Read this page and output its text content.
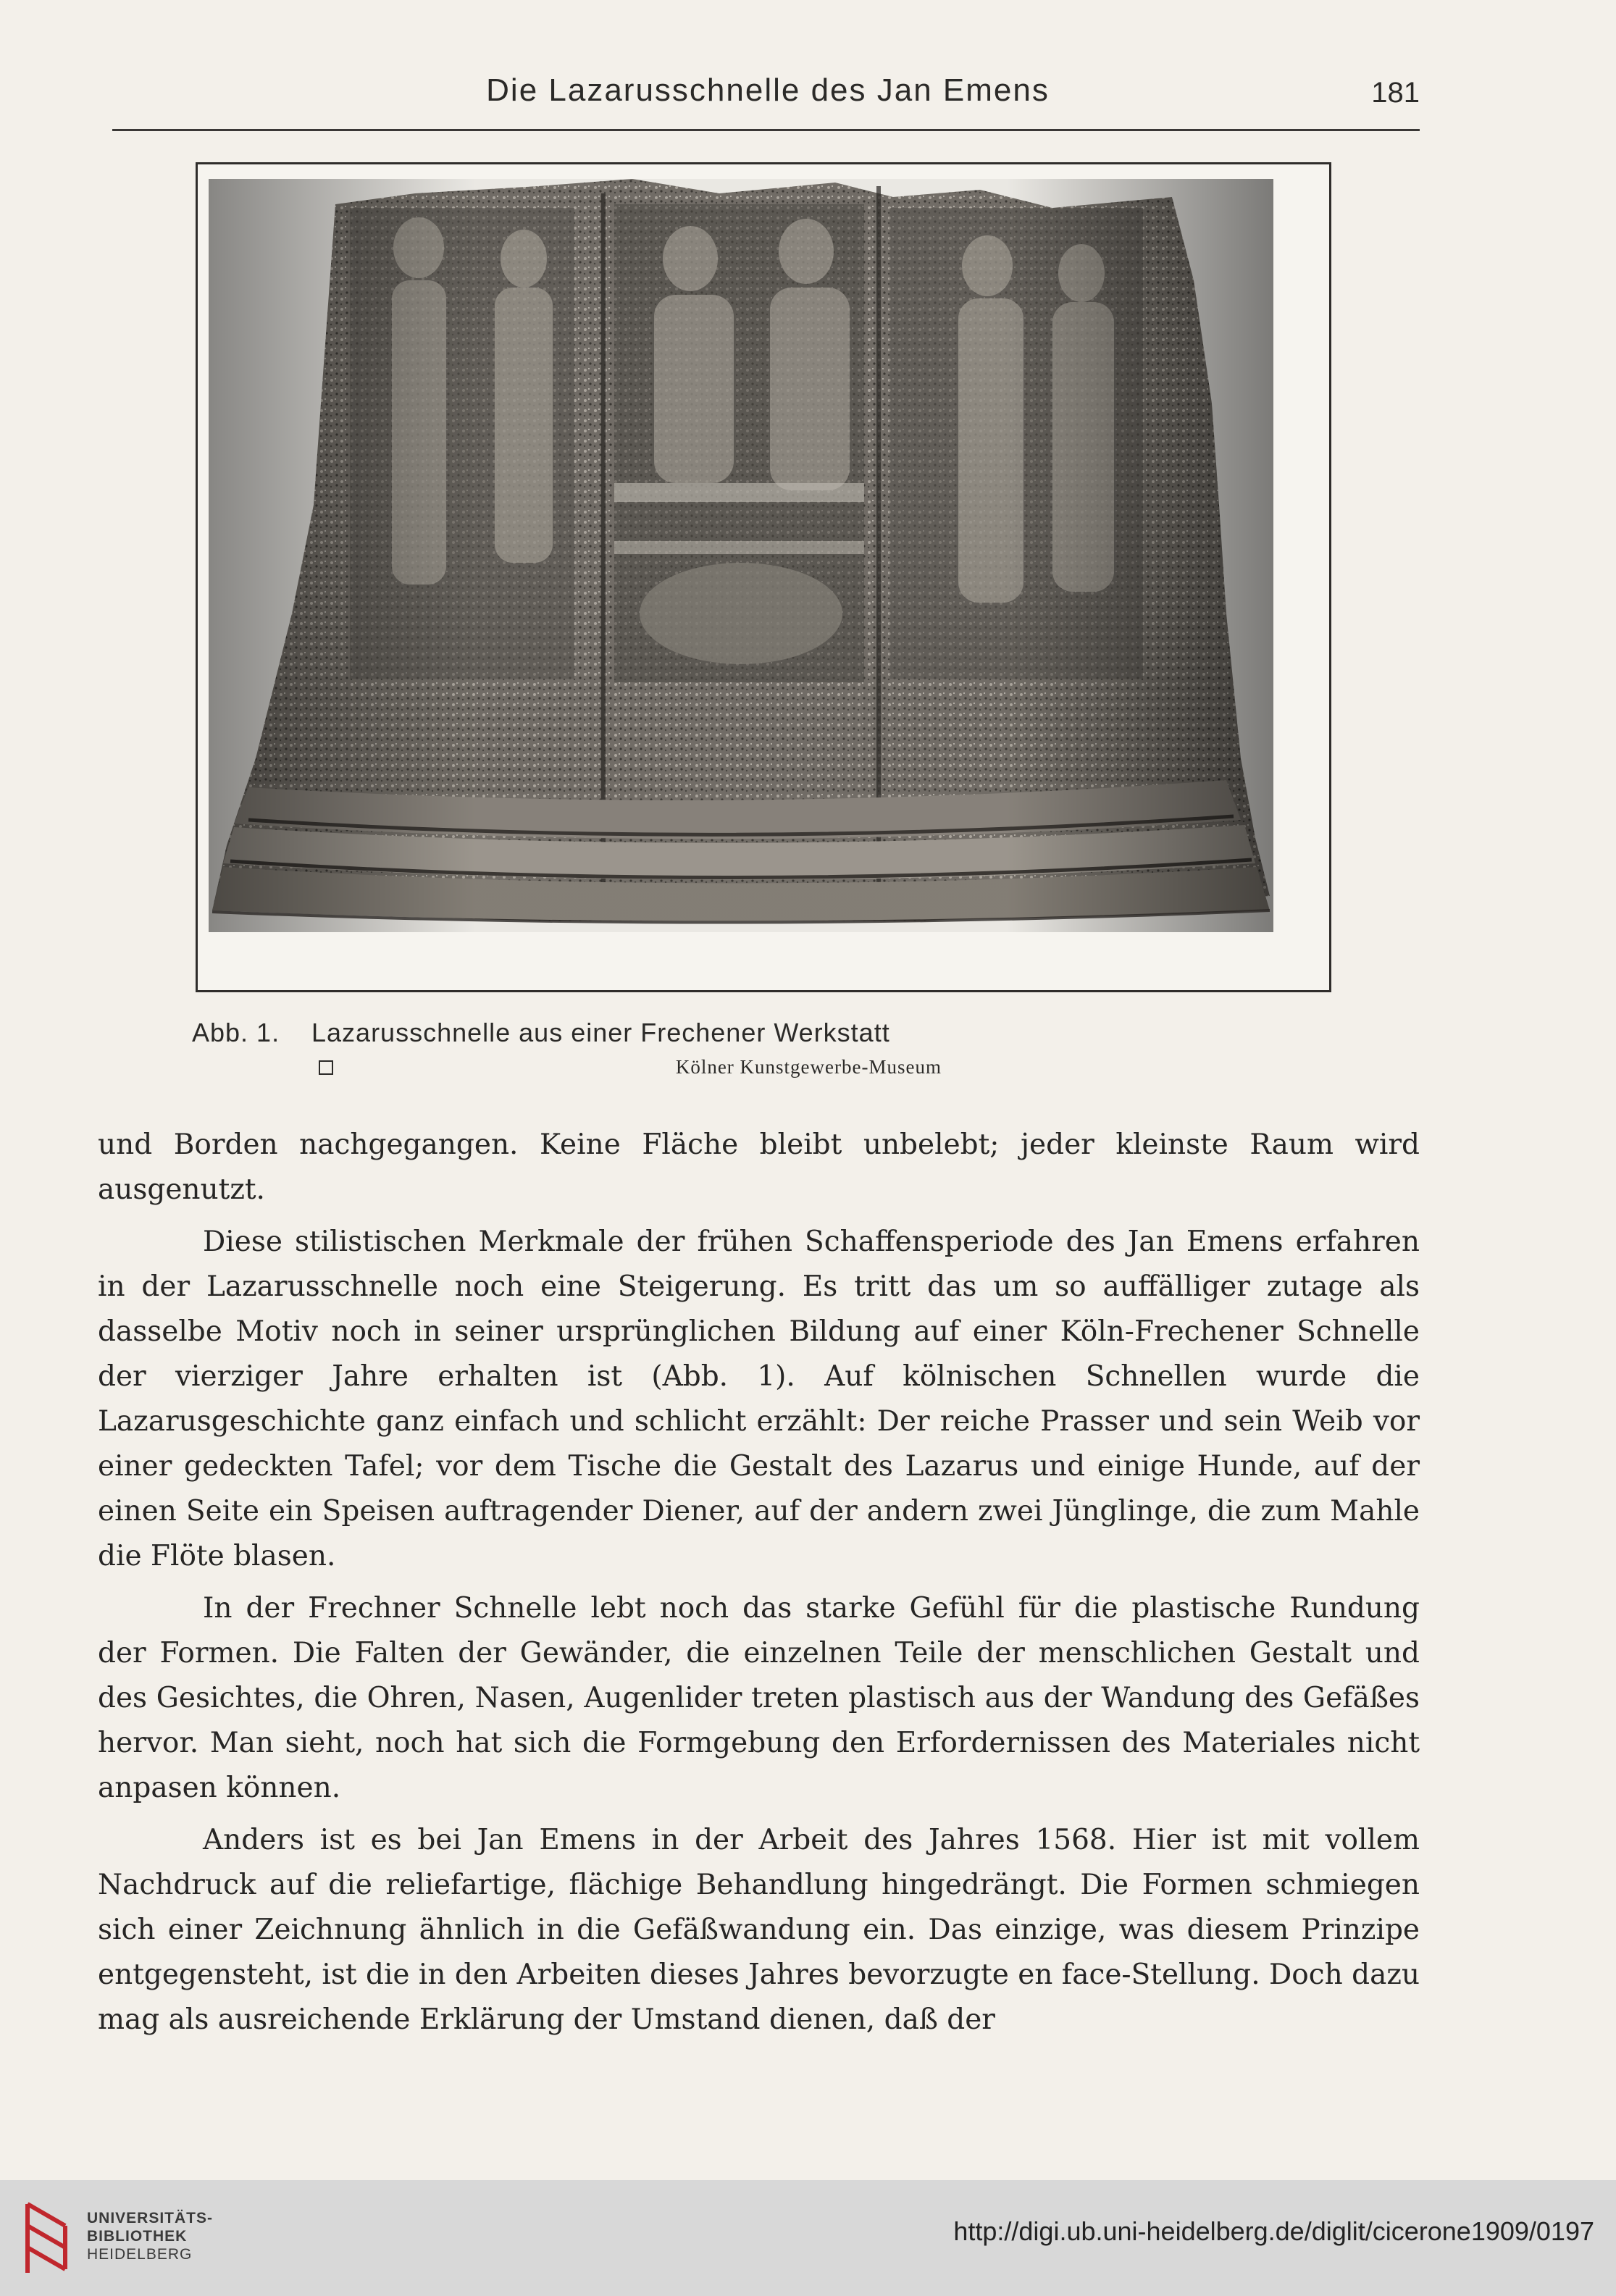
Die Lazarusschnelle des Jan Emens	181
Abb. 1. Lazarusschnelle aus einer Frechener Werkstatt
Kölner Kunstgewerbe-Museum

und Borden nachgegangen. Keine Fläche bleibt unbelebt; jeder kleinste Raum wird ausgenutzt.

Diese stilistischen Merkmale der frühen Schaffensperiode des Jan Emens erfahren in der Lazarusschnelle noch eine Steigerung. Es tritt das um so auffälliger zutage als dasselbe Motiv noch in seiner ursprünglichen Bildung auf einer Köln-Frechener Schnelle der vierziger Jahre erhalten ist (Abb. 1). Auf kölnischen Schnellen wurde die Lazarusgeschichte ganz einfach und schlicht erzählt: Der reiche Prasser und sein Weib vor einer gedeckten Tafel; vor dem Tische die Gestalt des Lazarus und einige Hunde, auf der einen Seite ein Speisen auftragender Diener, auf der andern zwei Jünglinge, die zum Mahle die Flöte blasen.

In der Frechner Schnelle lebt noch das starke Gefühl für die plastische Rundung der Formen. Die Falten der Gewänder, die einzelnen Teile der menschlichen Gestalt und des Gesichtes, die Ohren, Nasen, Augenlider treten plastisch aus der Wandung des Gefäßes hervor. Man sieht, noch hat sich die Formgebung den Erfordernissen des Materiales nicht anpasen können.

Anders ist es bei Jan Emens in der Arbeit des Jahres 1568. Hier ist mit vollem Nachdruck auf die reliefartige, flächige Behandlung hingedrängt. Die Formen schmiegen sich einer Zeichnung ähnlich in die Gefäßwandung ein. Das einzige, was diesem Prinzipe entgegensteht, ist die in den Arbeiten dieses Jahres bevorzugte en face-Stellung. Doch dazu mag als ausreichende Erklärung der Umstand dienen, daß der

UNIVERSITÄTS-
BIBLIOTHEK
HEIDELBERG
http://digi.ub.uni-heidelberg.de/diglit/cicerone1909/0197
